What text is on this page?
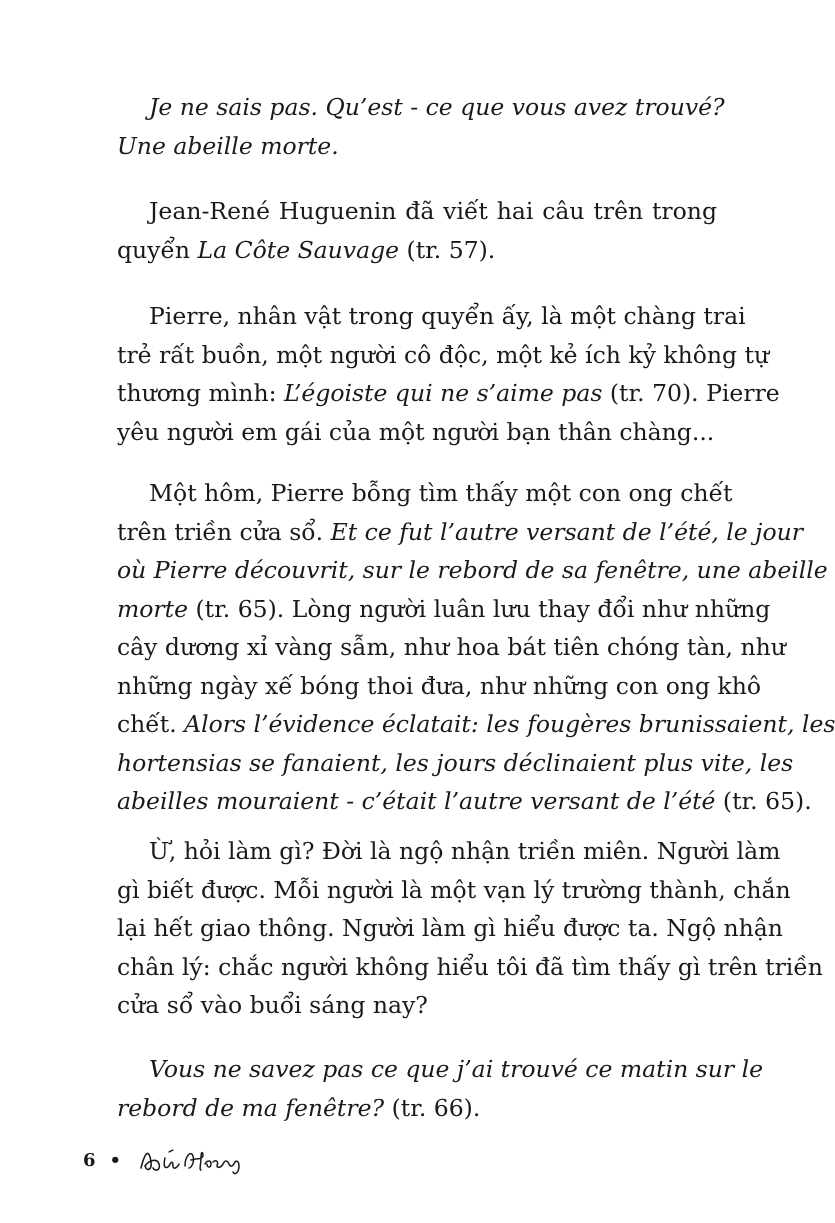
Je ne sais pas. Qu’est - ce que vous avez trouvé?
Une abeille morte.
Jean-René Huguenin đã viết hai câu trên trong
quyển La Côte Sauvage (tr. 57).
Pierre, nhân vật trong quyển ấy, là một chàng trai
trẻ rất buồn, một người cô độc, một kẻ ích kỷ không tự
thương mình: L’égoiste qui ne s’aime pas (tr. 70). Pierre
yêu người em gái của một người bạn thân chàng...
Một hôm, Pierre bỗng tìm thấy một con ong chết
trên triền cửa sổ. Et ce fut l’autre versant de l’été, le jour
où Pierre découvrit, sur le rebord de sa fenêtre, une abeille
morte (tr. 65). Lòng người luân lưu thay đổi như những
cây dương xỉ vàng sẫm, như hoa bát tiên chóng tàn, như
những ngày xế bóng thoi đưa, như những con ong khô
chết. Alors l’évidence éclatait: les fougères brunissaient, les
hortensias se fanaient, les jours déclinaient plus vite, les
abeilles mouraient - c’était l’autre versant de l’été (tr. 65).
Ừ, hỏi làm gì? Đời là ngộ nhận triền miên. Người làm
gì biết được. Mỗi người là một vạn lý trường thành, chắn
lại hết giao thông. Người làm gì hiểu được ta. Ngộ nhận
chân lý: chắc người không hiểu tôi đã tìm thấy gì trên triền
cửa sổ vào buổi sáng nay?
Vous ne savez pas ce que j’ai trouvé ce matin sur le
rebord de ma fenêtre? (tr. 66).
6 •
